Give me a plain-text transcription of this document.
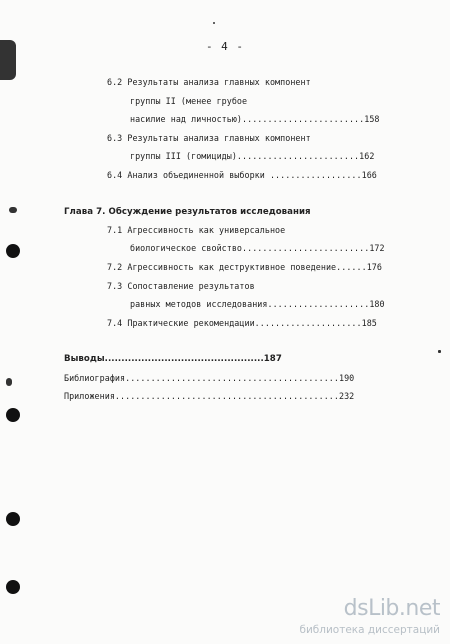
- 4 -
6.2 Результаты анализа главных компонент
группы II (менее грубое
насилие над личностью)........................158
6.3 Результаты анализа главных компонент
группы III (гомициды)........................162
6.4 Анализ объединенной выборки ..................166
Глава 7. Обсуждение результатов исследования
7.1 Агрессивность как универсальное
биологическое свойство.........................172
7.2 Агрессивность как деструктивное поведение......176
7.3 Сопоставление результатов
равных методов исследования....................180
7.4 Практические рекомендации.....................185
Выводы................................................187
Библиография..........................................190
Приложения............................................232
dsLib.net
библиотека диссертаций
